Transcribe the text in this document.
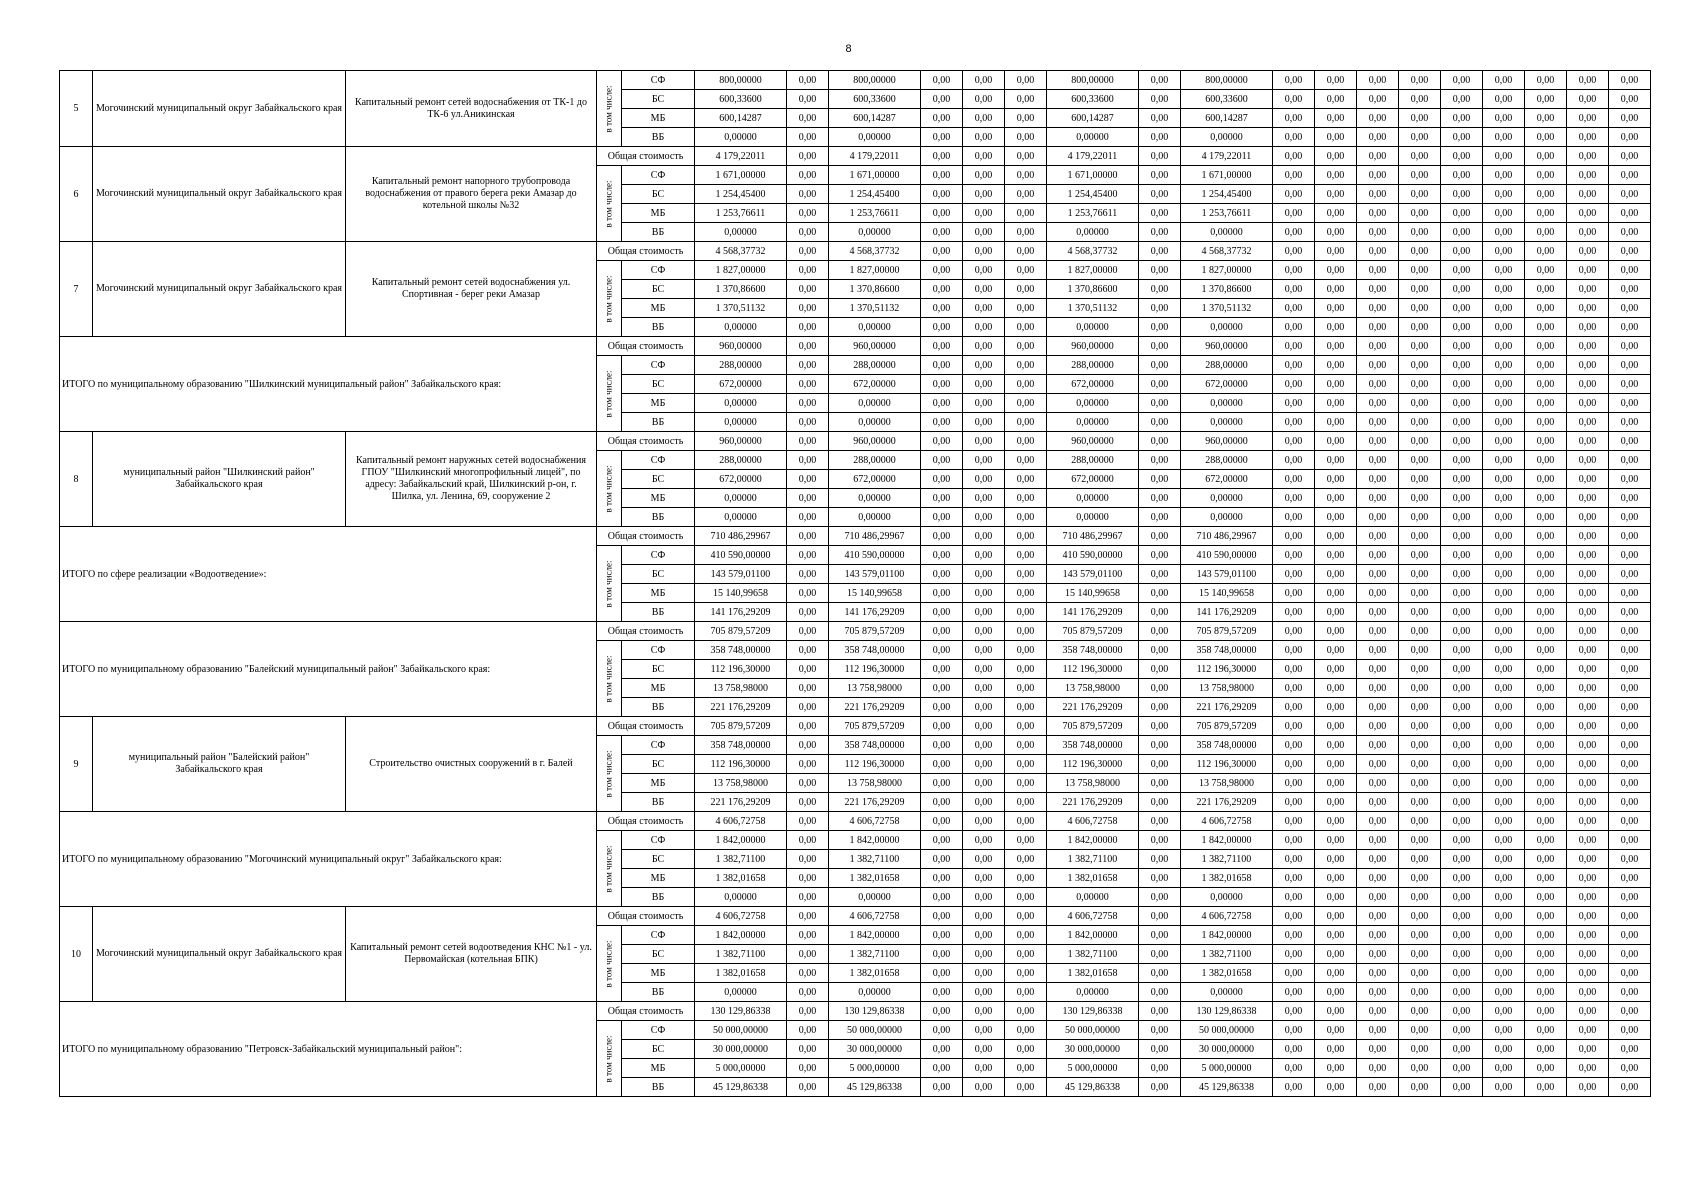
8
5	Могочинский муниципальный округ Забайкальского края	Капитальный ремонт сетей водоснабжения от ТК-1 до ТК-6 ул.Аникинская	в том числе:	СФ	800,00000	0,00	800,00000	0,00	0,00	0,00	800,00000	0,00	800,00000	0,00	0,00	0,00	0,00	0,00	0,00	0,00	0,00	0,00
				БС	600,33600	0,00	600,33600	0,00	0,00	0,00	600,33600	0,00	600,33600	0,00	0,00	0,00	0,00	0,00	0,00	0,00	0,00	0,00
				МБ	600,14287	0,00	600,14287	0,00	0,00	0,00	600,14287	0,00	600,14287	0,00	0,00	0,00	0,00	0,00	0,00	0,00	0,00	0,00
				ВБ	0,00000	0,00	0,00000	0,00	0,00	0,00	0,00000	0,00	0,00000	0,00	0,00	0,00	0,00	0,00	0,00	0,00	0,00	0,00
6	Могочинский муниципальный округ Забайкальского края	Капитальный ремонт напорного трубопровода водоснабжения от правого берега реки Амазар до котельной школы №32	Общая стоимость		4 179,22011	0,00	4 179,22011	0,00	0,00	0,00	4 179,22011	0,00	4 179,22011	0,00	0,00	0,00	0,00	0,00	0,00	0,00	0,00	0,00

			в том числе:	СФ	1 671,00000	0,00	1 671,00000	0,00	0,00	0,00	1 671,00000	0,00	1 671,00000	0,00	0,00	0,00	0,00	0,00	0,00	0,00	0,00	0,00
				БС	1 254,45400	0,00	1 254,45400	0,00	0,00	0,00	1 254,45400	0,00	1 254,45400	0,00	0,00	0,00	0,00	0,00	0,00	0,00	0,00	0,00
				МБ	1 253,76611	0,00	1 253,76611	0,00	0,00	0,00	1 253,76611	0,00	1 253,76611	0,00	0,00	0,00	0,00	0,00	0,00	0,00	0,00	0,00
				ВБ	0,00000	0,00	0,00000	0,00	0,00	0,00	0,00000	0,00	0,00000	0,00	0,00	0,00	0,00	0,00	0,00	0,00	0,00	0,00
7	Могочинский муниципальный округ Забайкальского края	Капитальный ремонт сетей водоснабжения ул. Спортивная - берег реки Амазар	Общая стоимость		4 568,37732	0,00	4 568,37732	0,00	0,00	0,00	4 568,37732	0,00	4 568,37732	0,00	0,00	0,00	0,00	0,00	0,00	0,00	0,00	0,00

			в том числе:	СФ	1 827,00000	0,00	1 827,00000	0,00	0,00	0,00	1 827,00000	0,00	1 827,00000	0,00	0,00	0,00	0,00	0,00	0,00	0,00	0,00	0,00
				БС	1 370,86600	0,00	1 370,86600	0,00	0,00	0,00	1 370,86600	0,00	1 370,86600	0,00	0,00	0,00	0,00	0,00	0,00	0,00	0,00	0,00
				МБ	1 370,51132	0,00	1 370,51132	0,00	0,00	0,00	1 370,51132	0,00	1 370,51132	0,00	0,00	0,00	0,00	0,00	0,00	0,00	0,00	0,00
				ВБ	0,00000	0,00	0,00000	0,00	0,00	0,00	0,00000	0,00	0,00000	0,00	0,00	0,00	0,00	0,00	0,00	0,00	0,00	0,00
ИТОГО по муниципальному образованию "Шилкинский муниципальный район" Забайкальского края:			Общая стоимость		960,00000	0,00	960,00000	0,00	0,00	0,00	960,00000	0,00	960,00000	0,00	0,00	0,00	0,00	0,00	0,00	0,00	0,00	0,00

			в том числе:	СФ	288,00000	0,00	288,00000	0,00	0,00	0,00	288,00000	0,00	288,00000	0,00	0,00	0,00	0,00	0,00	0,00	0,00	0,00	0,00
				БС	672,00000	0,00	672,00000	0,00	0,00	0,00	672,00000	0,00	672,00000	0,00	0,00	0,00	0,00	0,00	0,00	0,00	0,00	0,00
				МБ	0,00000	0,00	0,00000	0,00	0,00	0,00	0,00000	0,00	0,00000	0,00	0,00	0,00	0,00	0,00	0,00	0,00	0,00	0,00
				ВБ	0,00000	0,00	0,00000	0,00	0,00	0,00	0,00000	0,00	0,00000	0,00	0,00	0,00	0,00	0,00	0,00	0,00	0,00	0,00
8	муниципальный район "Шилкинский район" Забайкальского края	Капитальный ремонт наружных сетей водоснабжения ГПОУ "Шилкинский многопрофильный лицей", по адресу: Забайкальский край, Шилкинский р-он, г. Шилка, ул. Ленина, 69, сооружение 2	Общая стоимость		960,00000	0,00	960,00000	0,00	0,00	0,00	960,00000	0,00	960,00000	0,00	0,00	0,00	0,00	0,00	0,00	0,00	0,00	0,00

			в том числе:	СФ	288,00000	0,00	288,00000	0,00	0,00	0,00	288,00000	0,00	288,00000	0,00	0,00	0,00	0,00	0,00	0,00	0,00	0,00	0,00
				БС	672,00000	0,00	672,00000	0,00	0,00	0,00	672,00000	0,00	672,00000	0,00	0,00	0,00	0,00	0,00	0,00	0,00	0,00	0,00
				МБ	0,00000	0,00	0,00000	0,00	0,00	0,00	0,00000	0,00	0,00000	0,00	0,00	0,00	0,00	0,00	0,00	0,00	0,00	0,00
				ВБ	0,00000	0,00	0,00000	0,00	0,00	0,00	0,00000	0,00	0,00000	0,00	0,00	0,00	0,00	0,00	0,00	0,00	0,00	0,00
ИТОГО по сфере реализации «Водоотведение»:			Общая стоимость		710 486,29967	0,00	710 486,29967	0,00	0,00	0,00	710 486,29967	0,00	710 486,29967	0,00	0,00	0,00	0,00	0,00	0,00	0,00	0,00	0,00

			в том числе:	СФ	410 590,00000	0,00	410 590,00000	0,00	0,00	0,00	410 590,00000	0,00	410 590,00000	0,00	0,00	0,00	0,00	0,00	0,00	0,00	0,00	0,00
				БС	143 579,01100	0,00	143 579,01100	0,00	0,00	0,00	143 579,01100	0,00	143 579,01100	0,00	0,00	0,00	0,00	0,00	0,00	0,00	0,00	0,00
				МБ	15 140,99658	0,00	15 140,99658	0,00	0,00	0,00	15 140,99658	0,00	15 140,99658	0,00	0,00	0,00	0,00	0,00	0,00	0,00	0,00	0,00
				ВБ	141 176,29209	0,00	141 176,29209	0,00	0,00	0,00	141 176,29209	0,00	141 176,29209	0,00	0,00	0,00	0,00	0,00	0,00	0,00	0,00	0,00
ИТОГО по муниципальному образованию "Балейский муниципальный район" Забайкальского края:			Общая стоимость		705 879,57209	0,00	705 879,57209	0,00	0,00	0,00	705 879,57209	0,00	705 879,57209	0,00	0,00	0,00	0,00	0,00	0,00	0,00	0,00	0,00

			в том числе:	СФ	358 748,00000	0,00	358 748,00000	0,00	0,00	0,00	358 748,00000	0,00	358 748,00000	0,00	0,00	0,00	0,00	0,00	0,00	0,00	0,00	0,00
				БС	112 196,30000	0,00	112 196,30000	0,00	0,00	0,00	112 196,30000	0,00	112 196,30000	0,00	0,00	0,00	0,00	0,00	0,00	0,00	0,00	0,00
				МБ	13 758,98000	0,00	13 758,98000	0,00	0,00	0,00	13 758,98000	0,00	13 758,98000	0,00	0,00	0,00	0,00	0,00	0,00	0,00	0,00	0,00
				ВБ	221 176,29209	0,00	221 176,29209	0,00	0,00	0,00	221 176,29209	0,00	221 176,29209	0,00	0,00	0,00	0,00	0,00	0,00	0,00	0,00	0,00
9	муниципальный район "Балейский район" Забайкальского края	Строительство очистных сооружений в г. Балей	Общая стоимость		705 879,57209	0,00	705 879,57209	0,00	0,00	0,00	705 879,57209	0,00	705 879,57209	0,00	0,00	0,00	0,00	0,00	0,00	0,00	0,00	0,00

			в том числе:	СФ	358 748,00000	0,00	358 748,00000	0,00	0,00	0,00	358 748,00000	0,00	358 748,00000	0,00	0,00	0,00	0,00	0,00	0,00	0,00	0,00	0,00
				БС	112 196,30000	0,00	112 196,30000	0,00	0,00	0,00	112 196,30000	0,00	112 196,30000	0,00	0,00	0,00	0,00	0,00	0,00	0,00	0,00	0,00
				МБ	13 758,98000	0,00	13 758,98000	0,00	0,00	0,00	13 758,98000	0,00	13 758,98000	0,00	0,00	0,00	0,00	0,00	0,00	0,00	0,00	0,00
				ВБ	221 176,29209	0,00	221 176,29209	0,00	0,00	0,00	221 176,29209	0,00	221 176,29209	0,00	0,00	0,00	0,00	0,00	0,00	0,00	0,00	0,00
ИТОГО по муниципальному образованию "Могочинский муниципальный округ" Забайкальского края:			Общая стоимость		4 606,72758	0,00	4 606,72758	0,00	0,00	0,00	4 606,72758	0,00	4 606,72758	0,00	0,00	0,00	0,00	0,00	0,00	0,00	0,00	0,00

			в том числе:	СФ	1 842,00000	0,00	1 842,00000	0,00	0,00	0,00	1 842,00000	0,00	1 842,00000	0,00	0,00	0,00	0,00	0,00	0,00	0,00	0,00	0,00
				БС	1 382,71100	0,00	1 382,71100	0,00	0,00	0,00	1 382,71100	0,00	1 382,71100	0,00	0,00	0,00	0,00	0,00	0,00	0,00	0,00	0,00
				МБ	1 382,01658	0,00	1 382,01658	0,00	0,00	0,00	1 382,01658	0,00	1 382,01658	0,00	0,00	0,00	0,00	0,00	0,00	0,00	0,00	0,00
				ВБ	0,00000	0,00	0,00000	0,00	0,00	0,00	0,00000	0,00	0,00000	0,00	0,00	0,00	0,00	0,00	0,00	0,00	0,00	0,00
10	Могочинский муниципальный округ Забайкальского края	Капитальный ремонт сетей водоотведения КНС №1 - ул. Первомайская (котельная БПК)	Общая стоимость		4 606,72758	0,00	4 606,72758	0,00	0,00	0,00	4 606,72758	0,00	4 606,72758	0,00	0,00	0,00	0,00	0,00	0,00	0,00	0,00	0,00

			в том числе:	СФ	1 842,00000	0,00	1 842,00000	0,00	0,00	0,00	1 842,00000	0,00	1 842,00000	0,00	0,00	0,00	0,00	0,00	0,00	0,00	0,00	0,00
				БС	1 382,71100	0,00	1 382,71100	0,00	0,00	0,00	1 382,71100	0,00	1 382,71100	0,00	0,00	0,00	0,00	0,00	0,00	0,00	0,00	0,00
				МБ	1 382,01658	0,00	1 382,01658	0,00	0,00	0,00	1 382,01658	0,00	1 382,01658	0,00	0,00	0,00	0,00	0,00	0,00	0,00	0,00	0,00
				ВБ	0,00000	0,00	0,00000	0,00	0,00	0,00	0,00000	0,00	0,00000	0,00	0,00	0,00	0,00	0,00	0,00	0,00	0,00	0,00
ИТОГО по муниципальному образованию "Петровск-Забайкальский муниципальный район":			Общая стоимость		130 129,86338	0,00	130 129,86338	0,00	0,00	0,00	130 129,86338	0,00	130 129,86338	0,00	0,00	0,00	0,00	0,00	0,00	0,00	0,00	0,00

			в том числе:	СФ	50 000,00000	0,00	50 000,00000	0,00	0,00	0,00	50 000,00000	0,00	50 000,00000	0,00	0,00	0,00	0,00	0,00	0,00	0,00	0,00	0,00
				БС	30 000,00000	0,00	30 000,00000	0,00	0,00	0,00	30 000,00000	0,00	30 000,00000	0,00	0,00	0,00	0,00	0,00	0,00	0,00	0,00	0,00
				МБ	5 000,00000	0,00	5 000,00000	0,00	0,00	0,00	5 000,00000	0,00	5 000,00000	0,00	0,00	0,00	0,00	0,00	0,00	0,00	0,00	0,00
				ВБ	45 129,86338	0,00	45 129,86338	0,00	0,00	0,00	45 129,86338	0,00	45 129,86338	0,00	0,00	0,00	0,00	0,00	0,00	0,00	0,00	0,00
